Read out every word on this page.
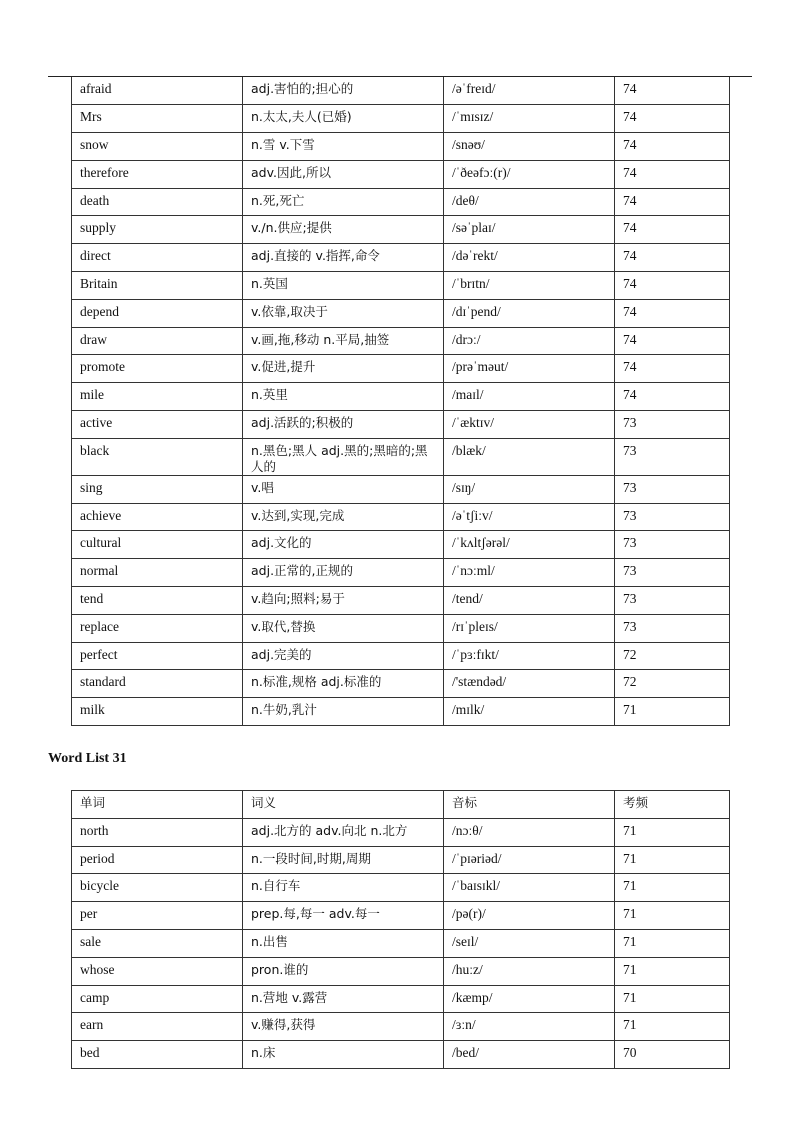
afraid	adj.害怕的;担心的	/əˈfreɪd/	74
Mrs	n.太太,夫人(已婚)	/ˈmɪsɪz/	74
snow	n.雪 v.下雪	/snəʊ/	74
therefore	adv.因此,所以	/ˈðeəfɔː(r)/	74
death	n.死,死亡	/deθ/	74
supply	v./n.供应;提供	/səˈplaɪ/	74
direct	adj.直接的 v.指挥,命令	/dəˈrekt/	74
Britain	n.英国	/ˈbrɪtn/	74
depend	v.依靠,取决于	/dɪˈpend/	74
draw	v.画,拖,移动 n.平局,抽签	/drɔː/	74
promote	v.促进,提升	/prəˈməut/	74
mile	n.英里	/maɪl/	74
active	adj.活跃的;积极的	/ˈæktɪv/	73
black	n.黑色;黑人 adj.黑的;黑暗的;黑人的	/blæk/	73
sing	v.唱	/sɪŋ/	73
achieve	v.达到,实现,完成	/əˈtʃiːv/	73
cultural	adj.文化的	/ˈkʌltʃərəl/	73
normal	adj.正常的,正规的	/ˈnɔːml/	73
tend	v.趋向;照料;易于	/tend/	73
replace	v.取代,替换	/rɪˈpleɪs/	73
perfect	adj.完美的	/ˈpɜːfɪkt/	72
standard	n.标准,规格 adj.标准的	/'stændəd/	72
milk	n.牛奶,乳汁	/mɪlk/	71
Word List 31
单词	词义	音标	考频
north	adj.北方的 adv.向北 n.北方	/nɔːθ/	71
period	n.一段时间,时期,周期	/ˈpɪəriəd/	71
bicycle	n.自行车	/ˈbaɪsɪkl/	71
per	prep.每,每一 adv.每一	/pə(r)/	71
sale	n.出售	/seɪl/	71
whose	pron.谁的	/huːz/	71
camp	n.营地 v.露营	/kæmp/	71
earn	v.赚得,获得	/ɜːn/	71
bed	n.床	/bed/	70
